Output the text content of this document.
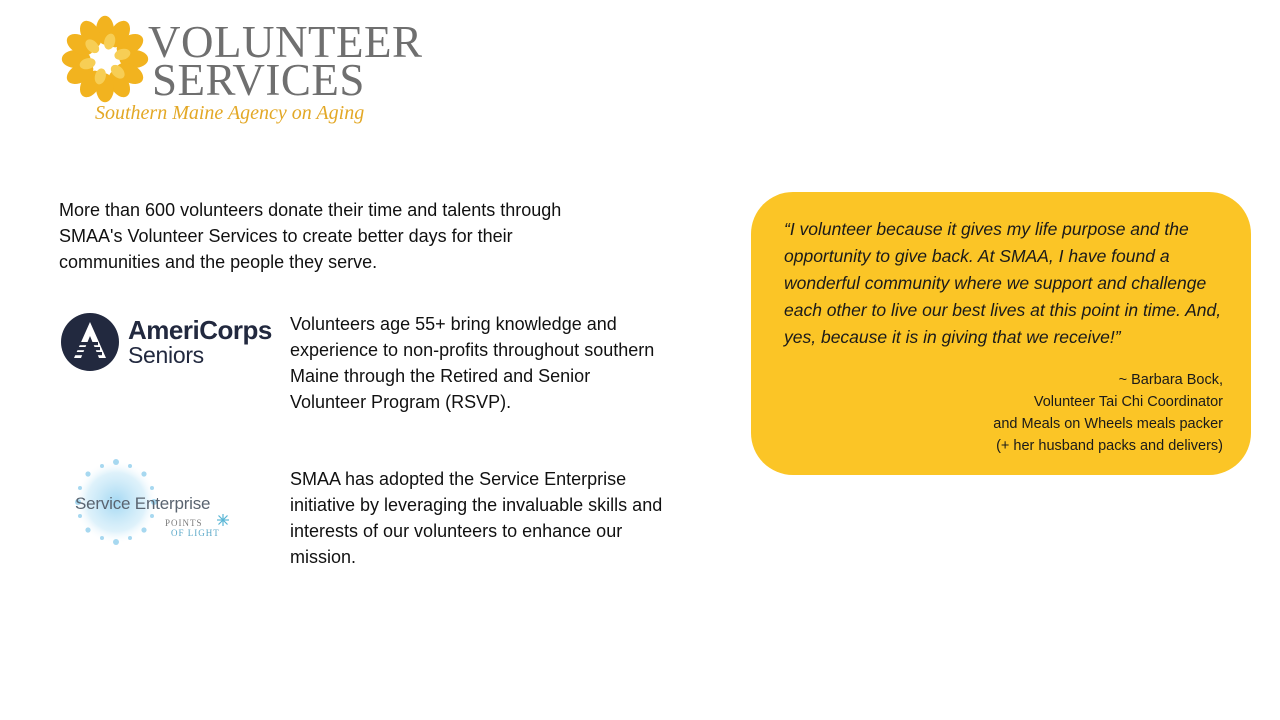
VOLUNTEER
SERVICES
Southern Maine Agency on Aging
More than 600 volunteers donate their time and talents through SMAA's Volunteer Services to create better days for their communities and the people they serve.
AmeriCorps
Seniors
Volunteers age 55+ bring knowledge and experience to non-profits throughout southern Maine through the Retired and Senior Volunteer Program (RSVP).
Service Enterprise
POINTS
OF LIGHT
SMAA has adopted the Service Enterprise initiative by leveraging the invaluable skills and interests of our volunteers to enhance our mission.
“I volunteer because it gives my life purpose and the opportunity to give back. At SMAA, I have found a wonderful community where we support and challenge each other to live our best lives at this point in time. And, yes, because it is in giving that we receive!”
~ Barbara Bock,
Volunteer Tai Chi Coordinator
and Meals on Wheels meals packer
(+ her husband packs and delivers)
